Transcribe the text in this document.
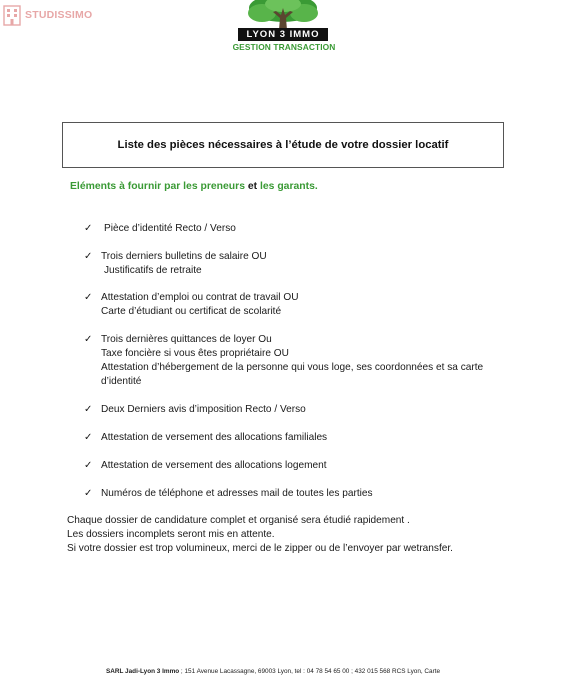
STUDISSIMO
LYON 3 IMMO
GESTION TRANSACTION
Liste des pièces nécessaires à l’étude de votre dossier locatif
Eléments à fournir par les preneurs et les garants.
✓	Pièce d’identité Recto / Verso
✓ Trois derniers bulletins de salaire OU
Justificatifs de retraite
✓ Attestation d’emploi ou contrat de travail OU
Carte d’étudiant ou certificat de scolarité
✓ Trois dernières quittances de loyer Ou
Taxe foncière si vous êtes propriétaire OU
Attestation d’hébergement de la personne qui vous loge, ses coordonnées et sa carte
d’identité
✓ Deux Derniers avis d’imposition Recto / Verso
✓ Attestation de versement des allocations familiales
✓ Attestation de versement des allocations logement
✓ Numéros de téléphone et adresses mail de toutes les parties
Chaque dossier de candidature complet et organisé sera étudié rapidement .
Les dossiers incomplets seront mis en attente.
Si votre dossier est trop volumineux, merci de le zipper ou de l’envoyer par wetransfer.
SARL Jadi-Lyon 3 Immo ; 151 Avenue Lacassagne, 69003 Lyon, tel : 04 78 54 65 00 ; 432 015 568 RCS Lyon, Carte
